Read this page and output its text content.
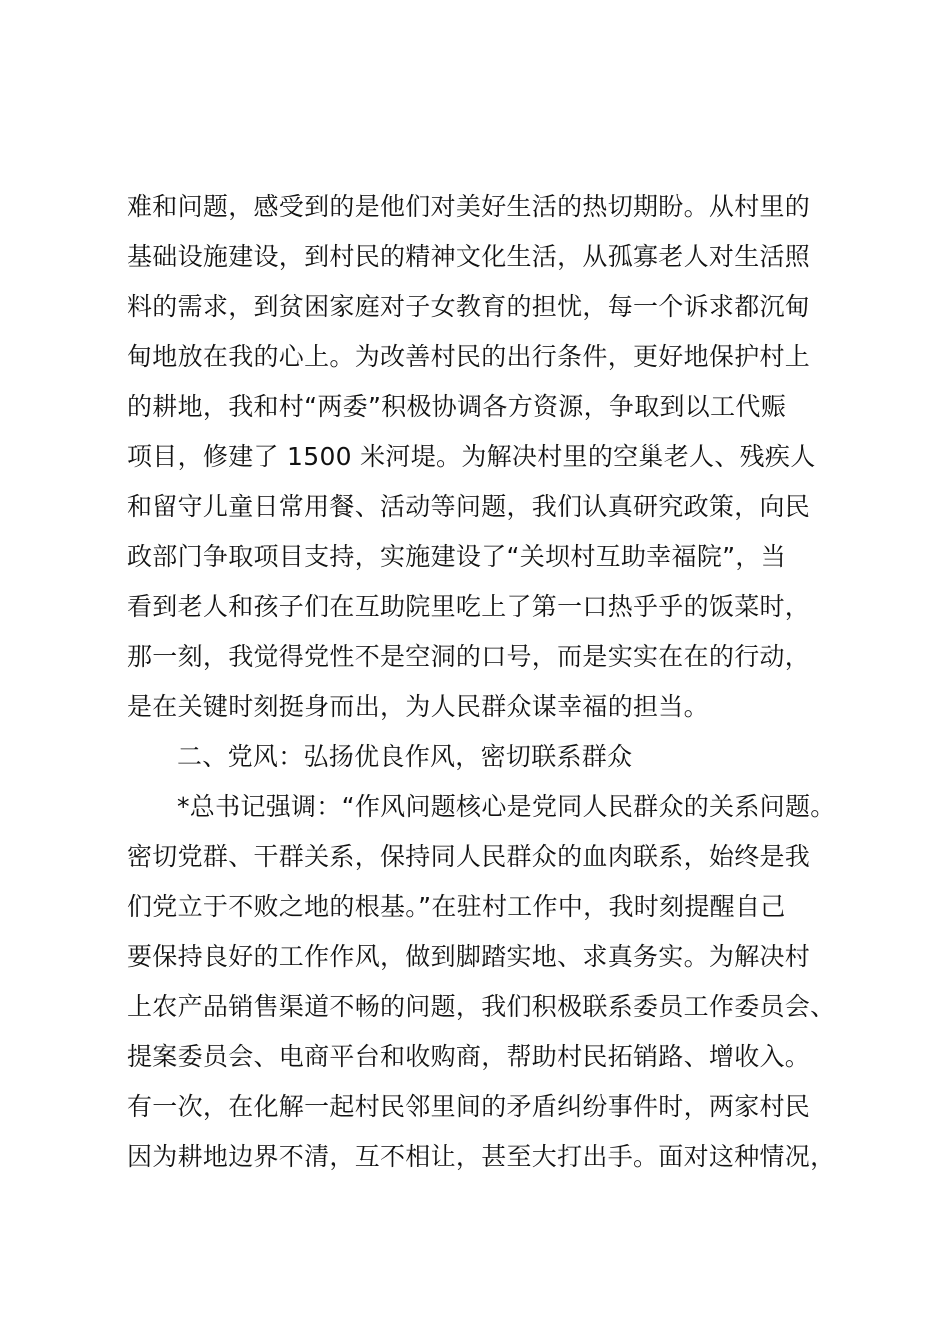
难和问题，感受到的是他们对美好生活的热切期盼。从村里的
基础设施建设，到村民的精神文化生活，从孤寡老人对生活照
料的需求，到贫困家庭对子女教育的担忧，每一个诉求都沉甸
甸地放在我的心上。为改善村民的出行条件，更好地保护村上
的耕地，我和村“两委”积极协调各方资源，争取到以工代赈
项目，修建了 1500 米河堤。为解决村里的空巢老人、残疾人
和留守儿童日常用餐、活动等问题，我们认真研究政策，向民
政部门争取项目支持，实施建设了“关坝村互助幸福院”，当
看到老人和孩子们在互助院里吃上了第一口热乎乎的饭菜时，
那一刻，我觉得党性不是空洞的口号，而是实实在在的行动，
是在关键时刻挺身而出，为人民群众谋幸福的担当。
二、党风：弘扬优良作风，密切联系群众
*总书记强调：“作风问题核心是党同人民群众的关系问题。
密切党群、干群关系，保持同人民群众的血肉联系，始终是我
们党立于不败之地的根基。”在驻村工作中，我时刻提醒自己
要保持良好的工作作风，做到脚踏实地、求真务实。为解决村
上农产品销售渠道不畅的问题，我们积极联系委员工作委员会、
提案委员会、电商平台和收购商，帮助村民拓销路、增收入。
有一次，在化解一起村民邻里间的矛盾纠纷事件时，两家村民
因为耕地边界不清，互不相让，甚至大打出手。面对这种情况，
